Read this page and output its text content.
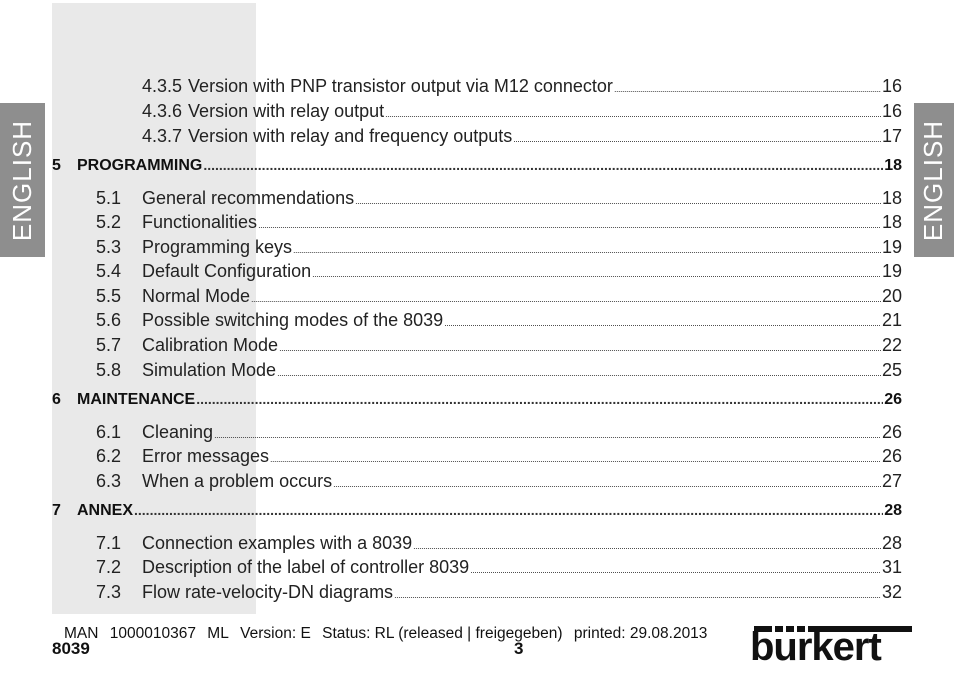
ENGLISH	ENGLISH
4.3.5 Version with PNP transistor output via M12 connector .....	16
4.3.6 Version with relay output .....	16
4.3.7 Version with relay and frequency outputs .....	17
5	PROGRAMMING .....	18
5.1	General recommendations .....	18
5.2	Functionalities .....	18
5.3	Programming keys .....	19
5.4	Default Configuration .....	19
5.5	Normal Mode .....	20
5.6	Possible switching modes of the 8039 .....	21
5.7	Calibration Mode .....	22
5.8	Simulation Mode .....	25
6	MAINTENANCE .....	26
6.1	Cleaning .....	26
6.2	Error messages .....	26
6.3	When a problem occurs .....	27
7	ANNEX .....	28
7.1	Connection examples with a 8039 .....	28
7.2	Description of the label of controller 8039 .....	31
7.3	Flow rate-velocity-DN diagrams .....	32
MAN 1000010367 ML Version: E Status: RL (released | freigegeben) printed: 29.08.2013
8039	3	burkert
